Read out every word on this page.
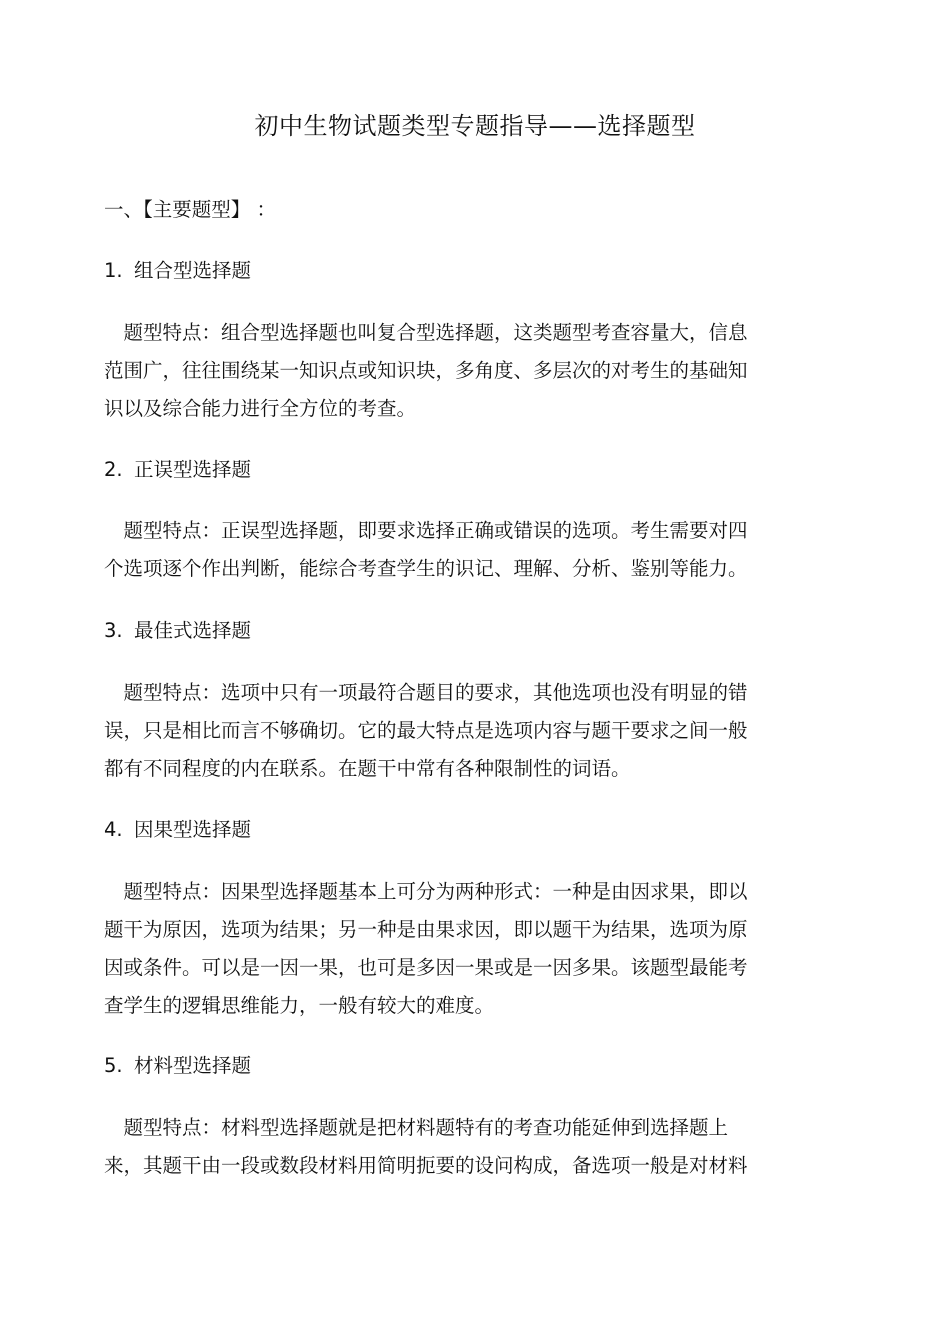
初中生物试题类型专题指导——选择题型
一、【主要题型】 ：
1. 组合型选择题
　题型特点：组合型选择题也叫复合型选择题，这类题型考查容量大，信息
范围广，往往围绕某一知识点或知识块，多角度、多层次的对考生的基础知
识以及综合能力进行全方位的考查。
2. 正误型选择题
　题型特点：正误型选择题，即要求选择正确或错误的选项。考生需要对四
个选项逐个作出判断，能综合考查学生的识记、理解、分析、鉴别等能力。
3. 最佳式选择题
　题型特点：选项中只有一项最符合题目的要求，其他选项也没有明显的错
误，只是相比而言不够确切。它的最大特点是选项内容与题干要求之间一般
都有不同程度的内在联系。在题干中常有各种限制性的词语。
4. 因果型选择题
　题型特点：因果型选择题基本上可分为两种形式：一种是由因求果，即以
题干为原因，选项为结果；另一种是由果求因，即以题干为结果，选项为原
因或条件。可以是一因一果，也可是多因一果或是一因多果。该题型最能考
查学生的逻辑思维能力，一般有较大的难度。
5. 材料型选择题
　题型特点：材料型选择题就是把材料题特有的考查功能延伸到选择题上
来，其题干由一段或数段材料用简明扼要的设问构成，备选项一般是对材料
